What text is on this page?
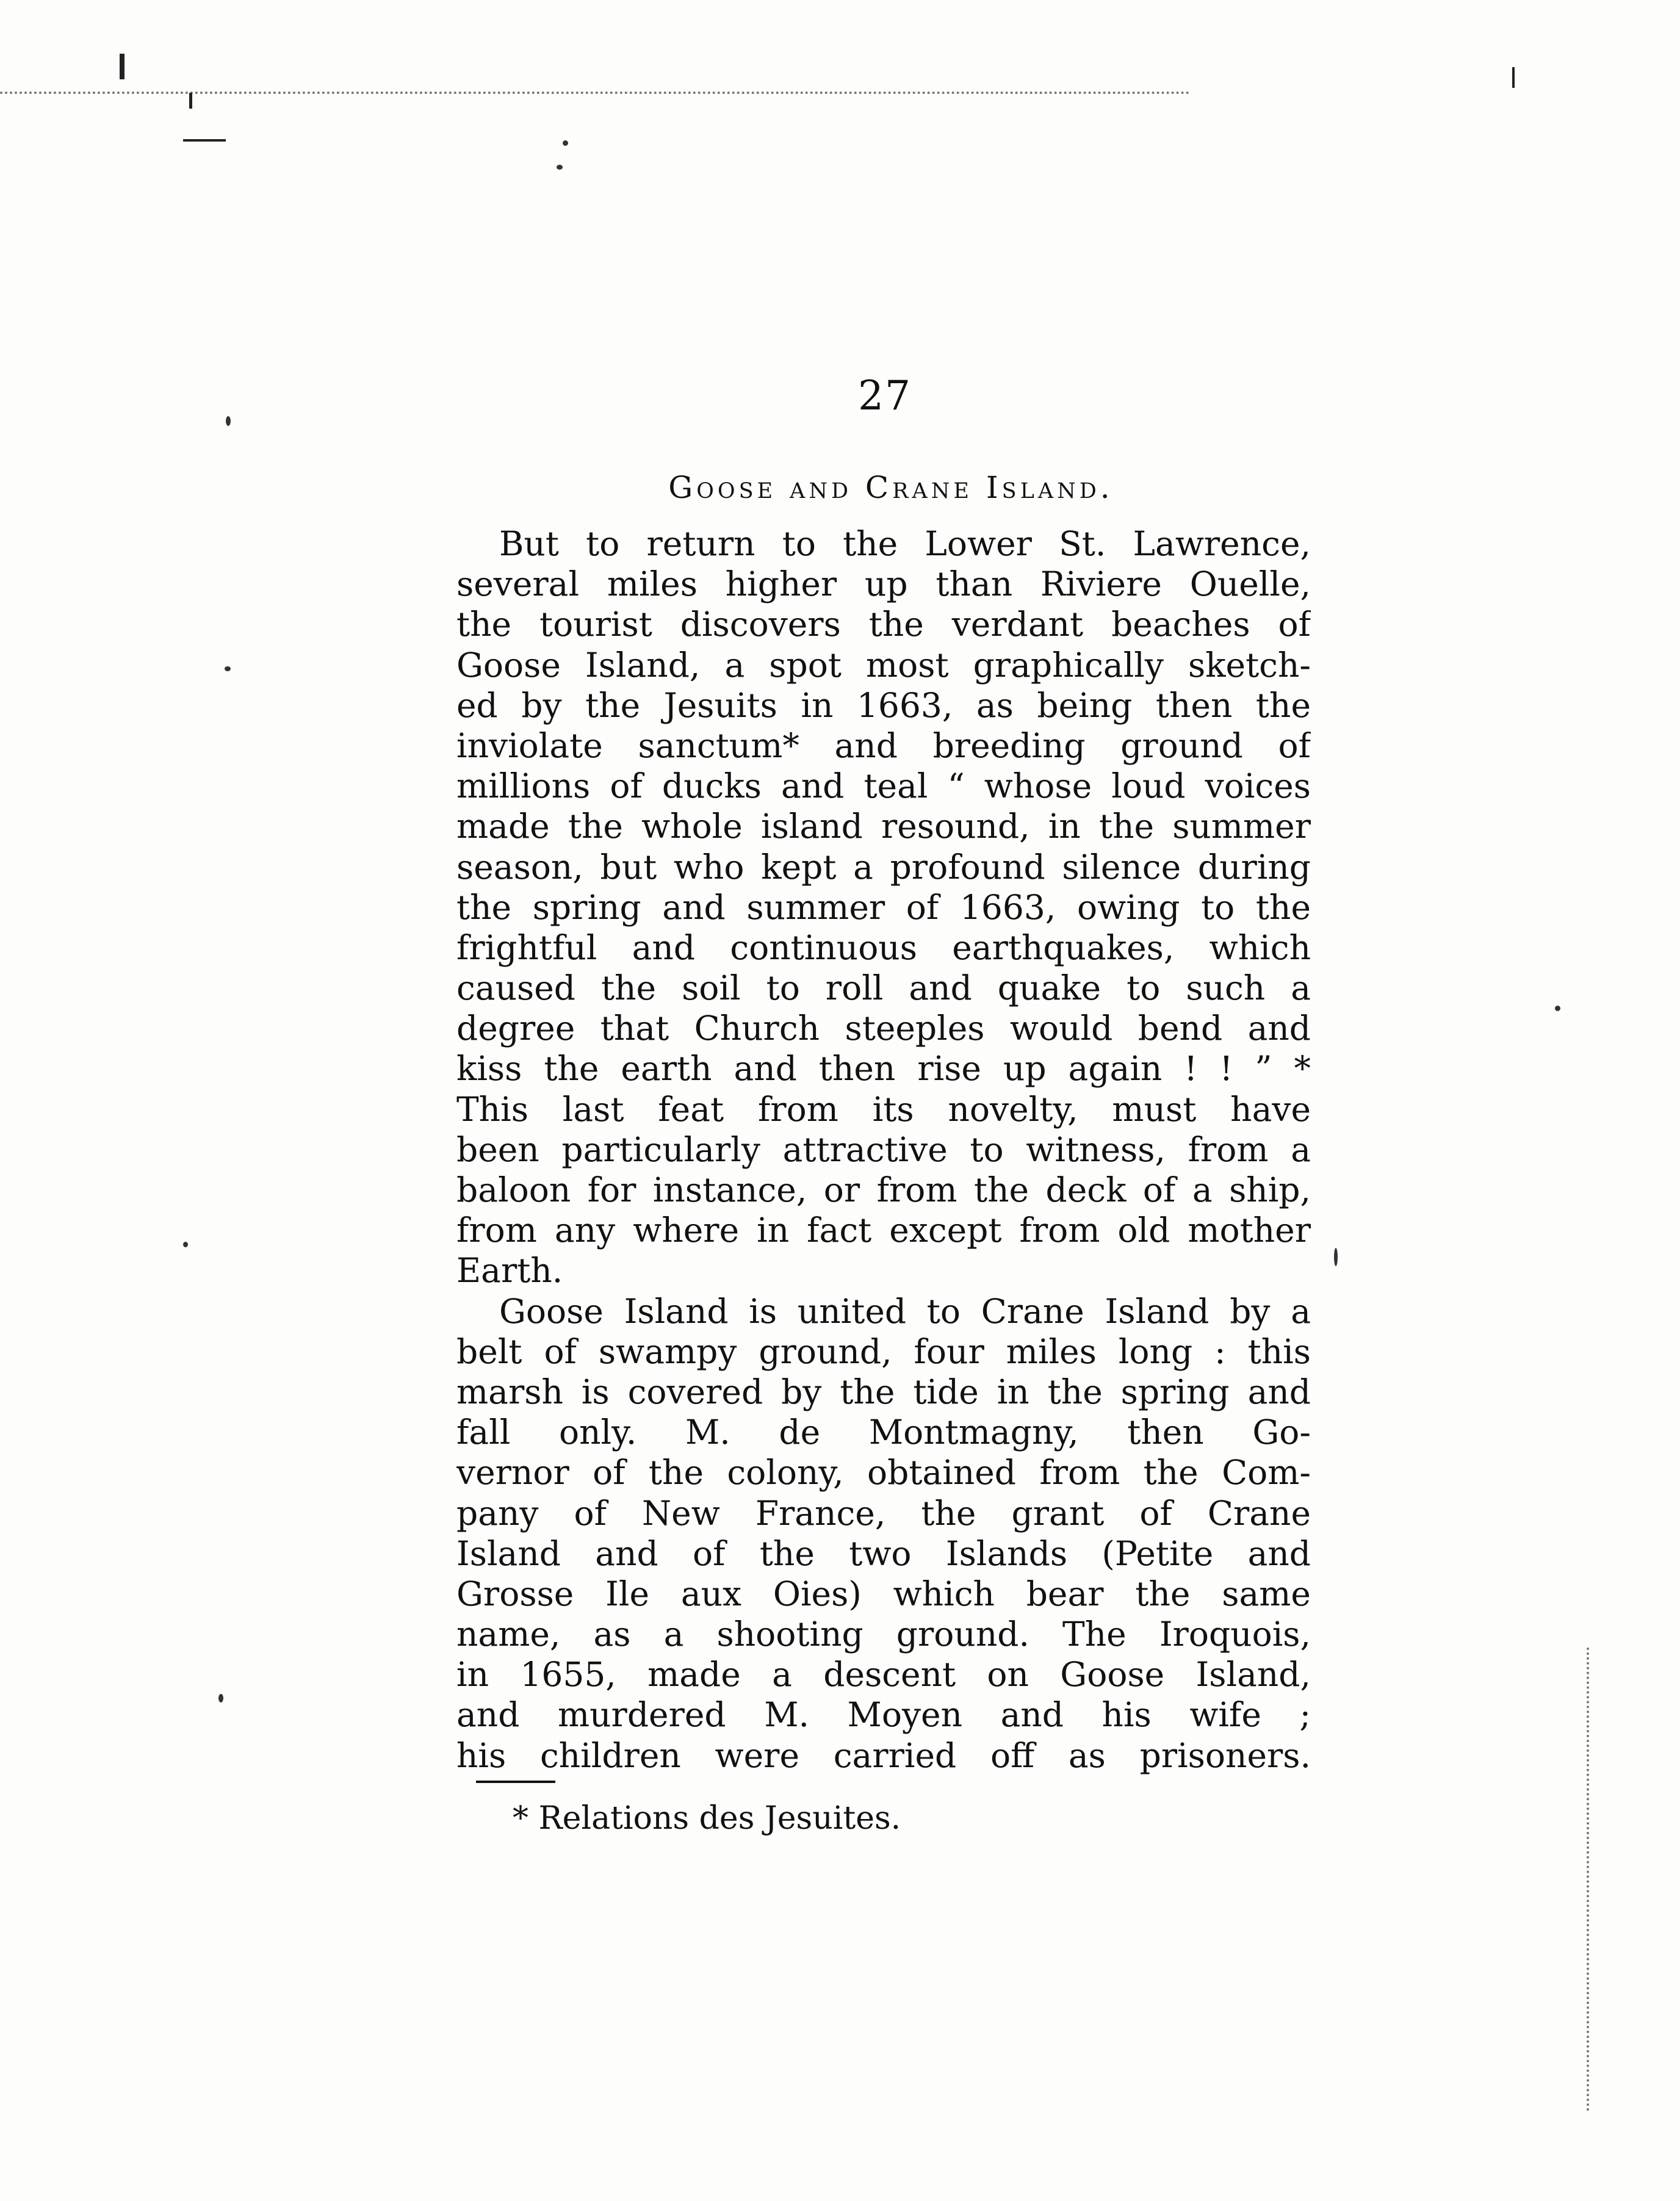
27
Goose and Crane Island.
But to return to the Lower St. Lawrence,
several miles higher up than Riviere Ouelle,
the tourist discovers the verdant beaches of
Goose Island, a spot most graphically sketch-
ed by the Jesuits in 1663, as being then the
inviolate sanctum* and breeding ground of
millions of ducks and teal “ whose loud voices
made the whole island resound, in the summer
season, but who kept a profound silence during
the spring and summer of 1663, owing to the
frightful and continuous earthquakes, which
caused the soil to roll and quake to such a
degree that Church steeples would bend and
kiss the earth and then rise up again ! ! ” *
This last feat from its novelty, must have
been particularly attractive to witness, from a
baloon for instance, or from the deck of a ship,
from any where in fact except from old mother
Earth.
Goose Island is united to Crane Island by a
belt of swampy ground, four miles long : this
marsh is covered by the tide in the spring and
fall only. M. de Montmagny, then Go-
vernor of the colony, obtained from the Com-
pany of New France, the grant of Crane
Island and of the two Islands (Petite and
Grosse Ile aux Oies) which bear the same
name, as a shooting ground. The Iroquois,
in 1655, made a descent on Goose Island,
and murdered M. Moyen and his wife ;
his children were carried off as prisoners.
* Relations des Jesuites.
